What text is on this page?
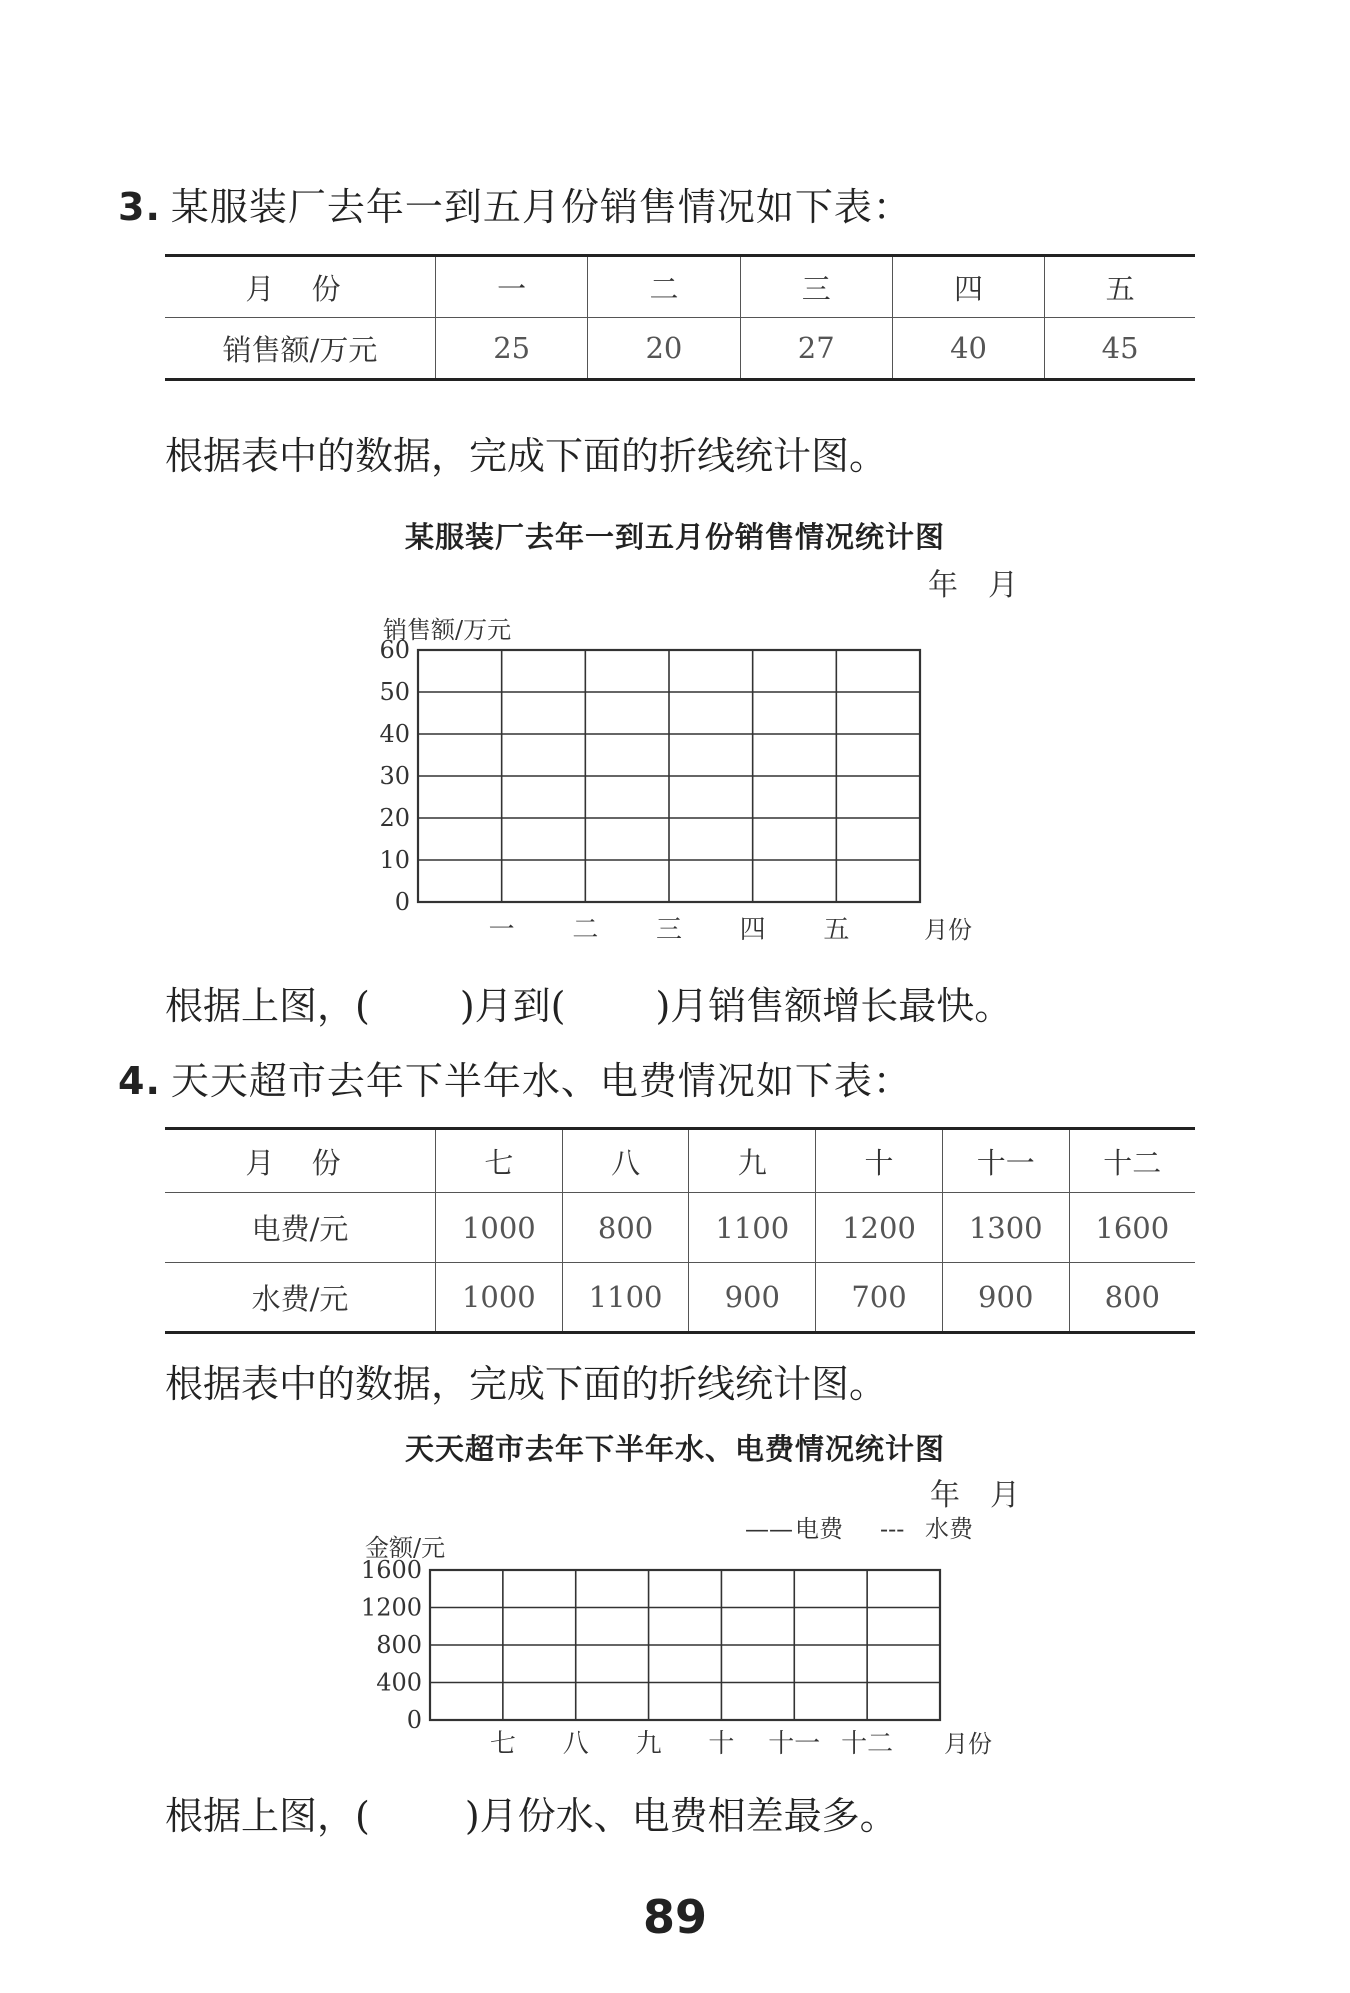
3. 某服装厂去年一到五月份销售情况如下表：
月 份	一	二	三	四	五
销售额/万元	25	20	27	40	45
根据表中的数据，完成下面的折线统计图。
某服装厂去年一到五月份销售情况统计图
0
10
20
30
40
50
60
一 二 三 四 五	月份
销售额/万元
年　月
根据上图，( )月到( )月销售额增长最快。
4. 天天超市去年下半年水、电费情况如下表：
月 份	七	八	九	十	十一	十二
电费/元	1000	800	1100	1200	1300	1600
水费/元	1000	1100	900	700	900	800
根据表中的数据，完成下面的折线统计图。
天天超市去年下半年水、电费情况统计图
0
400
800
1200
1600
七 八 九 十 十一 十二 月份
金额/元
年　月
—— 电费 --- 水费
根据上图，(	)月份水、电费相差最多。
89
